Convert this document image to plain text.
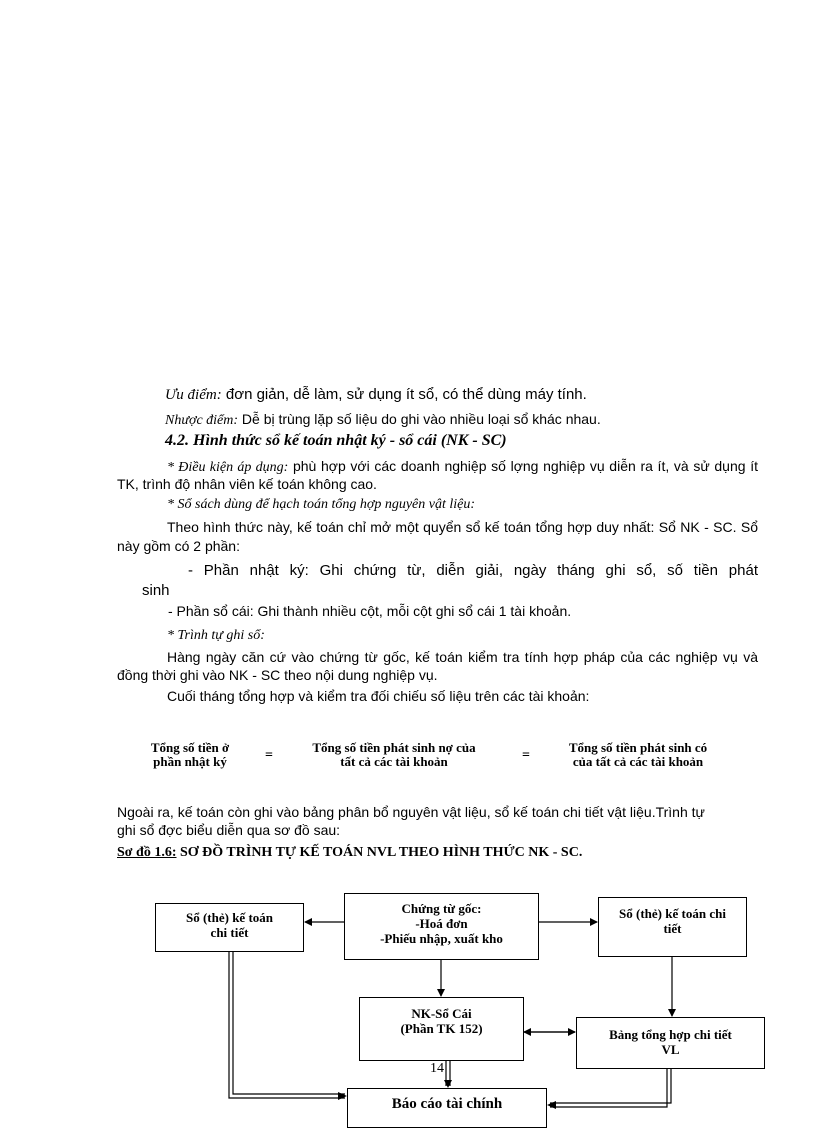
Ưu điểm: đơn giản, dễ làm, sử dụng ít sổ, có thể dùng máy tính.
Nhược điểm: Dễ bị trùng lặp số liệu do ghi vào nhiều loại sổ khác nhau.
4.2. Hình thức sổ kế toán nhật ký - sổ cái (NK - SC)
* Điều kiện áp dụng: phù hợp với các doanh nghiệp số lợng nghiệp vụ diễn ra ít, và sử dụng ít TK, trình độ nhân viên kế toán không cao.
* Sổ sách dùng để hạch toán tổng hợp nguyên vật liệu:
Theo hình thức này, kế toán chỉ mở một quyển sổ kế toán tổng hợp duy nhất: Sổ NK - SC. Sổ này gồm có 2 phần:
- Phần nhật ký: Ghi chứng từ, diễn giải, ngày tháng ghi sổ, số tiền phát
sinh
- Phần sổ cái: Ghi thành nhiều cột, mỗi cột ghi sổ cái 1 tài khoản.
* Trình tự ghi sổ:
Hàng ngày căn cứ vào chứng từ gốc, kế toán kiểm tra tính hợp pháp của các nghiệp vụ và đồng thời ghi vào NK - SC theo nội dung nghiệp vụ.
Cuối tháng tổng hợp và kiểm tra đối chiếu số liệu trên các tài khoản:
Tổng số tiền ở
phần nhật ký	=
Tổng số tiền phát sinh nợ của
tất cả các tài khoản	=
Tổng số tiền phát sinh có
của tất cả các tài khoản
Ngoài ra, kế toán còn ghi vào bảng phân bổ nguyên vật liệu, sổ kế toán chi tiết vật liệu.Trình tự ghi sổ đợc biểu diễn qua sơ đồ sau:
Sơ đồ 1.6: SƠ ĐỒ TRÌNH TỰ KẾ TOÁN NVL THEO HÌNH THỨC NK - SC.
Sổ (thẻ) kế toán
chi tiết
Chứng từ gốc:
-Hoá đơn
-Phiếu nhập, xuất kho
Sổ (thẻ) kế toán chi
tiết
NK-Sổ Cái
(Phần TK 152)	Bảng tổng hợp chi tiết
VL
Báo cáo tài chính
14
